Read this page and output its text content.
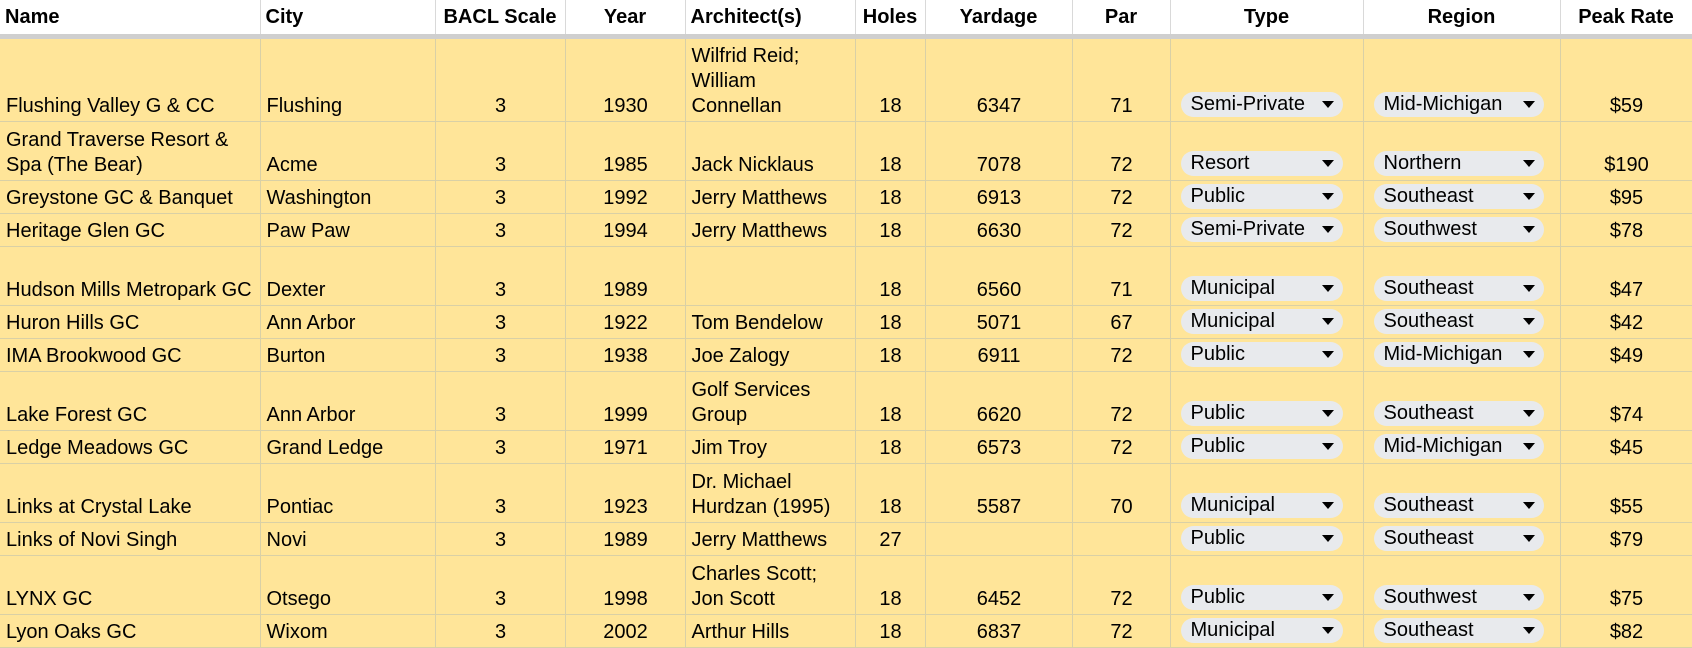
Name	City	BACL Scale	Year	Architect(s)	Holes	Yardage	Par	Type	Region	Peak Rate
Flushing Valley G & CC	Flushing	3	1930	Wilfrid Reid; William Connellan	18	6347	71	Semi-Private	Mid-Michigan	$59
Grand Traverse Resort & Spa (The Bear)	Acme	3	1985	Jack Nicklaus	18	7078	72	Resort	Northern	$190
Greystone GC & Banquet	Washington	3	1992	Jerry Matthews	18	6913	72	Public	Southeast	$95
Heritage Glen GC	Paw Paw	3	1994	Jerry Matthews	18	6630	72	Semi-Private	Southwest	$78
Hudson Mills Metropark GC	Dexter	3	1989		18	6560	71	Municipal	Southeast	$47
Huron Hills GC	Ann Arbor	3	1922	Tom Bendelow	18	5071	67	Municipal	Southeast	$42
IMA Brookwood GC	Burton	3	1938	Joe Zalogy	18	6911	72	Public	Mid-Michigan	$49
Lake Forest GC	Ann Arbor	3	1999	Golf Services Group	18	6620	72	Public	Southeast	$74
Ledge Meadows GC	Grand Ledge	3	1971	Jim Troy	18	6573	72	Public	Mid-Michigan	$45
Links at Crystal Lake	Pontiac	3	1923	Dr. Michael Hurdzan (1995)	18	5587	70	Municipal	Southeast	$55
Links of Novi Singh	Novi	3	1989	Jerry Matthews	27			Public	Southeast	$79
LYNX GC	Otsego	3	1998	Charles Scott; Jon Scott	18	6452	72	Public	Southwest	$75
Lyon Oaks GC	Wixom	3	2002	Arthur Hills	18	6837	72	Municipal	Southeast	$82
